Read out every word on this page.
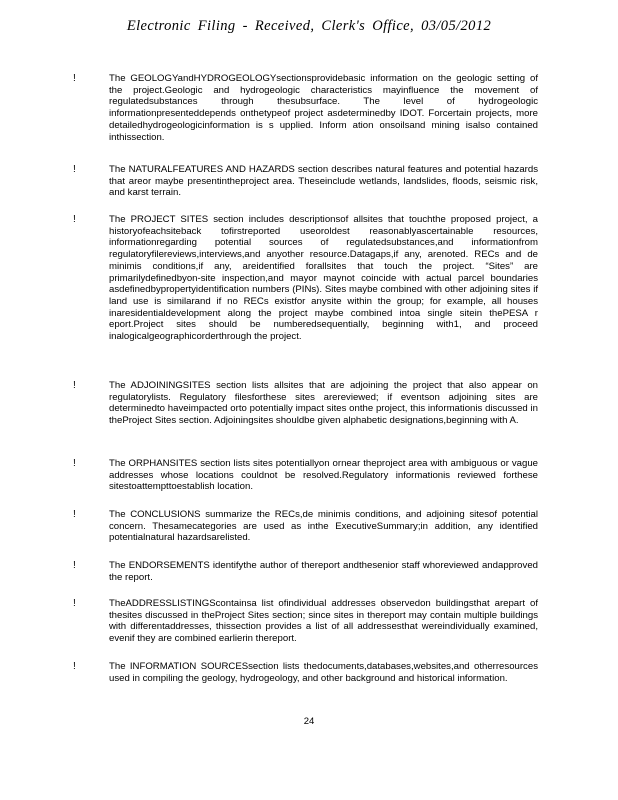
Electronic Filing - Received, Clerk's Office, 03/05/2012
!	The GEOLOGYandHYDROGEOLOGYsectionsprovidebasic information on the geologic setting of the project.Geologic and hydrogeologic characteristics mayinfluence the movement of regulatedsubstances through thesubsurface. The level of hydrogeologic informationpresenteddepends onthetypeof project asdeterminedby IDOT. Forcertain projects, more detailedhydrogeologicinformation is s upplied. Inform ation onsoilsand mining isalso contained inthissection.

!	The NATURALFEATURES AND HAZARDS section describes natural features and potential hazards that areor maybe presentintheproject area. Theseinclude wetlands, landslides, floods, seismic risk, and karst terrain.

!	The PROJECT SITES section includes descriptionsof allsites that touchthe proposed project, a historyofeachsiteback tofirstreported useoroldest reasonablyascertainable resources, informationregarding potential sources of regulatedsubstances,and informationfrom regulatoryfilereviews,interviews,and anyother resource.Datagaps,if any, arenoted. RECs and de minimis conditions,if any, areidentified forallsites that touch the project. “Sites” are primarilydefinedbyon-site inspection,and mayor maynot coincide with actual parcel boundaries asdefinedbypropertyidentification numbers (PINs). Sites maybe combined with other adjoining sites if land use is similarand if no RECs existfor anysite within the group; for example, all houses inaresidentialdevelopment along the project maybe combined intoa single sitein thePESA r eport.Project sites should be numberedsequentially, beginning with1, and proceed inalogicalgeographicorderthrough the project.

!	The ADJOININGSITES section lists allsites that are adjoining the project that also appear on regulatorylists. Regulatory filesforthese sites arereviewed; if eventson adjoining sites are determinedto haveimpacted orto potentially impact sites onthe project, this informationis discussed in theProject Sites section. Adjoiningsites shouldbe given alphabetic designations,beginning with A.

!	The ORPHANSITES section lists sites potentiallyon ornear theproject area with ambiguous or vague addresses whose locations couldnot be resolved.Regulatory informationis reviewed forthese sitestoattempttoestablish location.

!	The CONCLUSIONS summarize the RECs,de minimis conditions, and adjoining sitesof potential concern. Thesamecategories are used as inthe ExecutiveSummary;in addition, any identified potentialnatural hazardsarelisted.

!	The ENDORSEMENTS identifythe author of thereport andthesenior staff whoreviewed andapproved the report.

!	TheADDRESSLISTINGScontainsa list ofindividual addresses observedon buildingsthat arepart of thesites discussed in theProject Sites section; since sites in thereport may contain multiple buildings with differentaddresses, thissection provides a list of all addressesthat wereindividually examined, evenif they are combined earlierin thereport.

!	The INFORMATION SOURCESsection lists thedocuments,databases,websites,and otherresources used in compiling the geology, hydrogeology, and other background and historical information.

24
